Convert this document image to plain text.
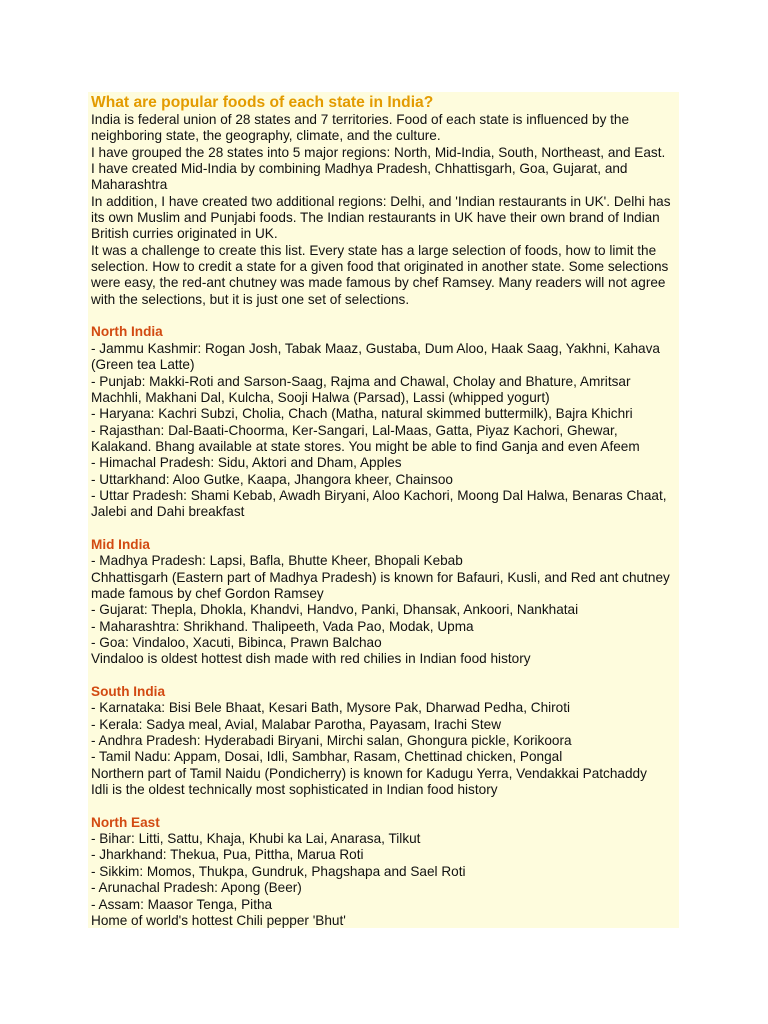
What are popular foods of each state in India?

India is federal union of 28 states and 7 territories. Food of each state is influenced by the neighboring state, the geography, climate, and the culture.

I have grouped the 28 states into 5 major regions: North, Mid-India, South, Northeast, and East.

I have created Mid-India by combining Madhya Pradesh, Chhattisgarh, Goa, Gujarat, and Maharashtra

In addition, I have created two additional regions: Delhi, and 'Indian restaurants in UK'. Delhi has its own Muslim and Punjabi foods. The Indian restaurants in UK have their own brand of Indian British curries originated in UK.

It was a challenge to create this list. Every state has a large selection of foods, how to limit the selection. How to credit a state for a given food that originated in another state. Some selections were easy, the red-ant chutney was made famous by chef Ramsey. Many readers will not agree with the selections, but it is just one set of selections.

North India

- Jammu Kashmir: Rogan Josh, Tabak Maaz, Gustaba, Dum Aloo, Haak Saag, Yakhni, Kahava (Green tea Latte)

- Punjab: Makki-Roti and Sarson-Saag, Rajma and Chawal, Cholay and Bhature, Amritsar Machhli, Makhani Dal, Kulcha, Sooji Halwa (Parsad), Lassi (whipped yogurt)

- Haryana: Kachri Subzi, Cholia, Chach (Matha, natural skimmed buttermilk), Bajra Khichri

- Rajasthan: Dal-Baati-Choorma, Ker-Sangari, Lal-Maas, Gatta, Piyaz Kachori, Ghewar, Kalakand. Bhang available at state stores. You might be able to find Ganja and even Afeem

- Himachal Pradesh: Sidu, Aktori and Dham, Apples

- Uttarkhand: Aloo Gutke, Kaapa, Jhangora kheer, Chainsoo

- Uttar Pradesh: Shami Kebab, Awadh Biryani, Aloo Kachori, Moong Dal Halwa, Benaras Chaat, Jalebi and Dahi breakfast

Mid India

- Madhya Pradesh: Lapsi, Bafla, Bhutte Kheer, Bhopali Kebab

Chhattisgarh (Eastern part of Madhya Pradesh) is known for Bafauri, Kusli, and Red ant chutney made famous by chef Gordon Ramsey

- Gujarat: Thepla, Dhokla, Khandvi, Handvo, Panki, Dhansak, Ankoori, Nankhatai

- Maharashtra: Shrikhand. Thalipeeth, Vada Pao, Modak, Upma

- Goa: Vindaloo, Xacuti, Bibinca, Prawn Balchao

Vindaloo is oldest hottest dish made with red chilies in Indian food history

South India

- Karnataka: Bisi Bele Bhaat, Kesari Bath, Mysore Pak, Dharwad Pedha, Chiroti

- Kerala: Sadya meal, Avial, Malabar Parotha, Payasam, Irachi Stew

- Andhra Pradesh: Hyderabadi Biryani, Mirchi salan, Ghongura pickle, Korikoora

- Tamil Nadu: Appam, Dosai, Idli, Sambhar, Rasam, Chettinad chicken, Pongal

Northern part of Tamil Naidu (Pondicherry) is known for Kadugu Yerra, Vendakkai Patchaddy

Idli is the oldest technically most sophisticated in Indian food history

North East

- Bihar: Litti, Sattu, Khaja, Khubi ka Lai, Anarasa, Tilkut

- Jharkhand: Thekua, Pua, Pittha, Marua Roti

- Sikkim: Momos, Thukpa, Gundruk, Phagshapa and Sael Roti

- Arunachal Pradesh: Apong (Beer)

- Assam: Maasor Tenga, Pitha

Home of world's hottest Chili pepper 'Bhut'
